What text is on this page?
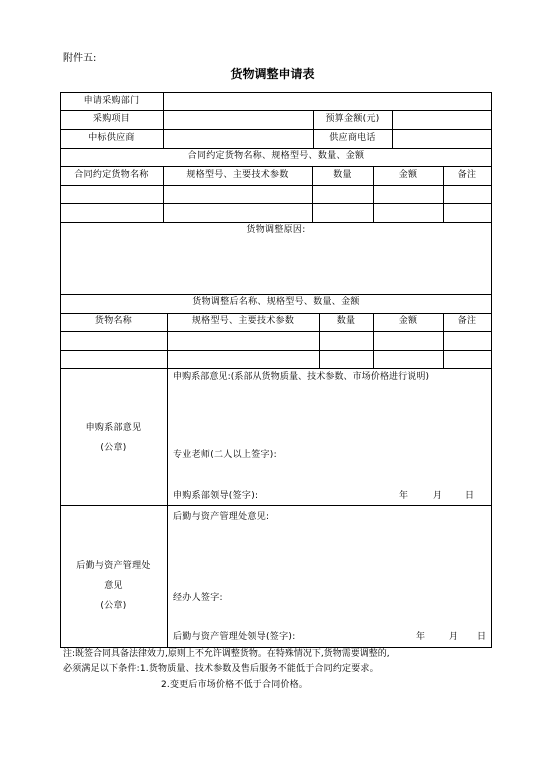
附件五:
货物调整申请表
申请采购部门
采购项目	预算金额(元)
中标供应商	供应商电话
合同约定货物名称、规格型号、数量、金额
合同约定货物名称	规格型号、主要技术参数	数量	金额	备注
货物调整原因:
货物调整后名称、规格型号、数量、金额
货物名称	规格型号、主要技术参数	数量	金额	备注
申购系部意见
(公章)
申购系部意见:(系部从货物质量、技术参数、市场价格进行说明)
专业老师(二人以上签字):
申购系部领导(签字):	年	月	日
后勤与资产管理处
意见
(公章)
后勤与资产管理处意见:
经办人签字:
后勤与资产管理处领导(签字):	年	月 日
注:既签合同具备法律效力,原则上不允许调整货物。在特殊情况下,货物需要调整的,
必须满足以下条件:1.货物质量、技术参数及售后服务不能低于合同约定要求。
2.变更后市场价格不低于合同价格。
